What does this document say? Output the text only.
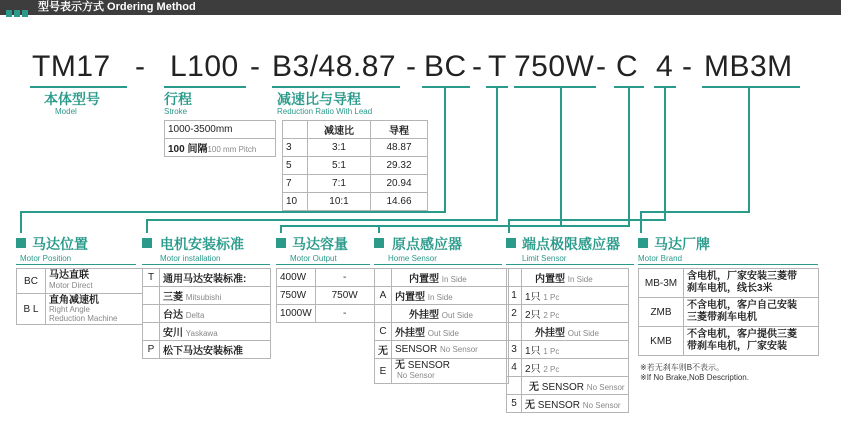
型号表示方式 Ordering Method
TM17 - L100 - B3/48.87 - BC - T 750W - C 4 - MB3M
本体型号
Model
行程
Stroke
1000-3500mm
100 间隔100 mm Pitch
减速比与导程
Reduction Ratio With Lead
	减速比	导程
3	3:1	48.87
5	5:1	29.32
7	7:1	20.94
10	10:1	14.66
马达位置
Motor Position
电机安装标准
Motor installation
马达容量
Motor Output
原点感应器
Home Sensor
端点极限感应器
Limit Sensor
马达厂牌
Motor Brand
BC	马达直联
Motor Direct

B L	直角减速机
Right Angle
Reduction Machine
T	通用马达安装标准:
	三菱 Mitsubishi
	台达 Delta
	安川 Yaskawa
P	松下马达安装标准
400W	-
750W	750W
1000W	-
	内置型 In Side
A	内置型 In Side
	外挂型 Out Side
C	外挂型 Out Side
无	SENSOR No Sensor
E	无 SENSOR
No Sensor
	内置型 In Side
1	1只 1 Pc
2	2只 2 Pc
	外挂型 Out Side
3	1只 1 Pc
4	2只 2 Pc
	无 SENSOR No Sensor
5	无 SENSOR No Sensor
MB-3M	含电机，厂家安装三菱带
刹车电机，线长3米
ZMB	不含电机，客户自己安装
三菱带刹车电机
KMB	不含电机，客户提供三菱
带刹车电机，厂家安装
※若无刹车则B不表示。
※If No Brake,NoB Description.
